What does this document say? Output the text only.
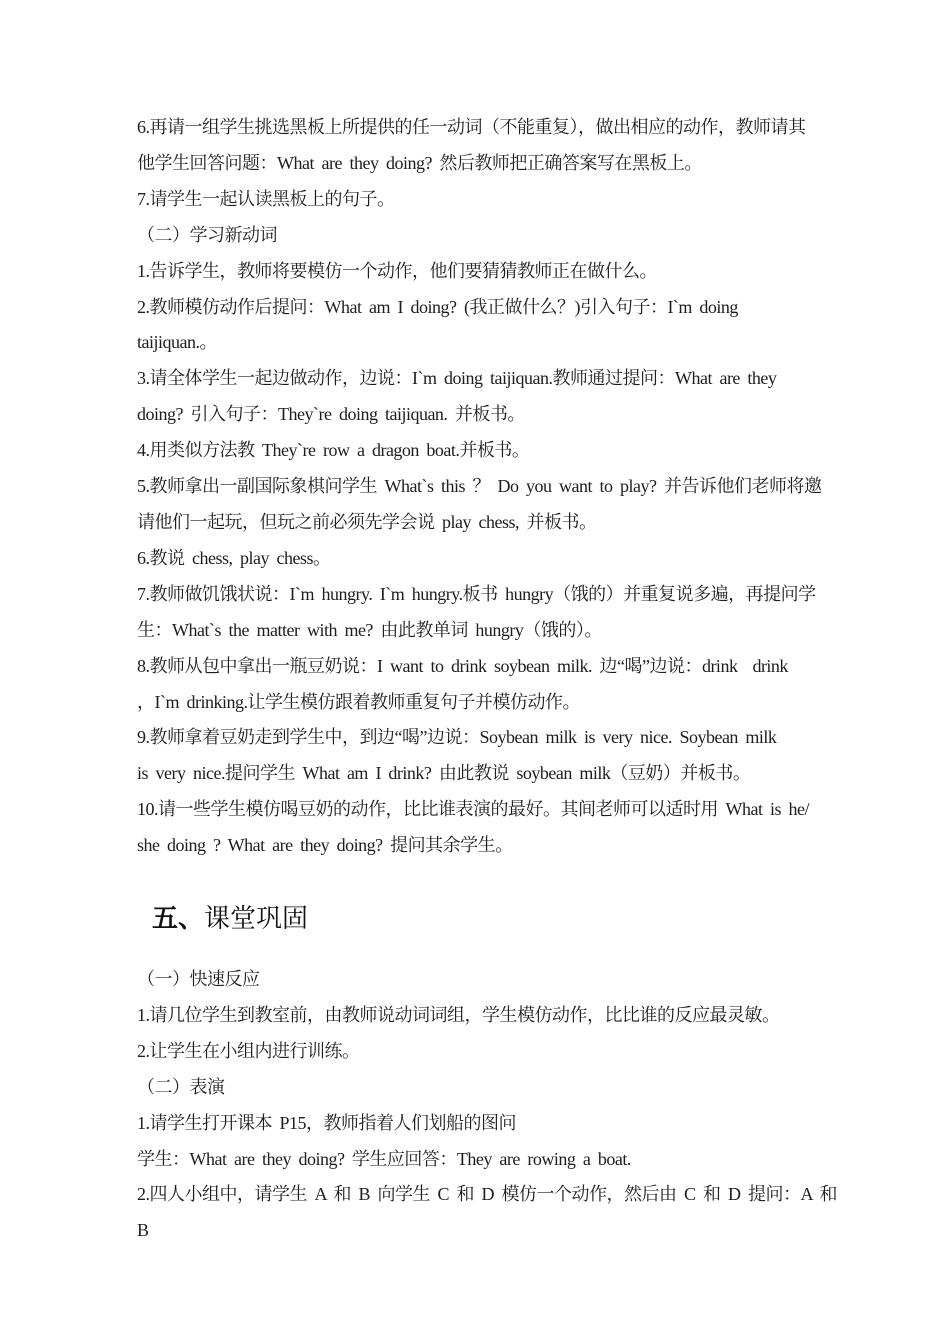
6.再请一组学生挑选黑板上所提供的任一动词（不能重复），做出相应的动作，教师请其
他学生回答问题：What are they doing? 然后教师把正确答案写在黑板上。
7.请学生一起认读黑板上的句子。
（二）学习新动词
1.告诉学生，教师将要模仿一个动作，他们要猜猜教师正在做什么。
2.教师模仿动作后提问：What am I doing? (我正做什么？)引入句子：I`m doing
taijiquan.。
3.请全体学生一起边做动作，边说：I`m doing taijiquan.教师通过提问：What are they
doing? 引入句子：They`re doing taijiquan. 并板书。
4.用类似方法教 They`re row a dragon boat.并板书。
5.教师拿出一副国际象棋问学生 What`s this ？ Do you want to play? 并告诉他们老师将邀
请他们一起玩，但玩之前必须先学会说 play chess, 并板书。
6.教说 chess, play chess。
7.教师做饥饿状说：I`m hungry. I`m hungry.板书 hungry（饿的）并重复说多遍，再提问学
生：What`s the matter with me? 由此教单词 hungry（饿的）。
8.教师从包中拿出一瓶豆奶说：I want to drink soybean milk. 边“喝”边说：drink  drink
，I`m drinking.让学生模仿跟着教师重复句子并模仿动作。
9.教师拿着豆奶走到学生中，到边“喝”边说：Soybean milk is very nice. Soybean milk
is very nice.提问学生 What am I drink? 由此教说 soybean milk（豆奶）并板书。
10.请一些学生模仿喝豆奶的动作，比比谁表演的最好。其间老师可以适时用 What is he/
she doing ? What are they doing? 提问其余学生。
五、课堂巩固
（一）快速反应
1.请几位学生到教室前，由教师说动词词组，学生模仿动作，比比谁的反应最灵敏。
2.让学生在小组内进行训练。
（二）表演
1.请学生打开课本 P15，教师指着人们划船的图问
学生：What are they doing? 学生应回答：They are rowing a boat.
2.四人小组中，请学生 A 和 B 向学生 C 和 D 模仿一个动作，然后由 C 和 D 提问：A 和 B
